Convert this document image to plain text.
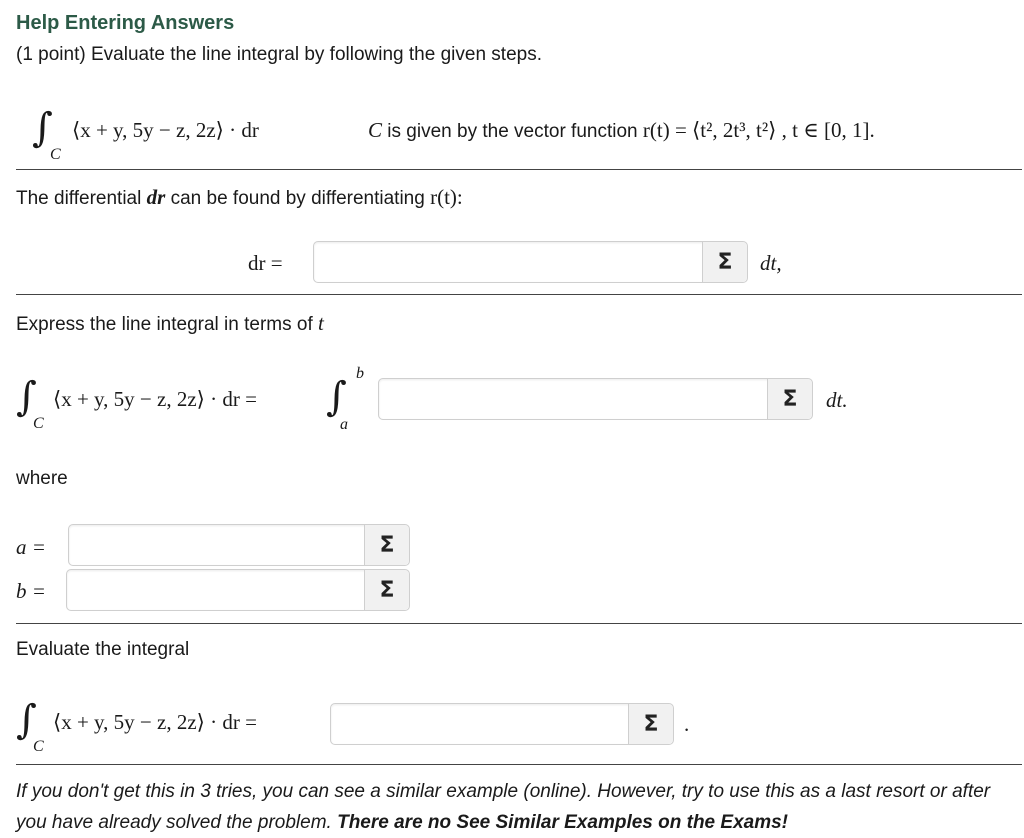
Help Entering Answers
(1 point) Evaluate the line integral by following the given steps.
∫
C
⟨x + y, 5y − z, 2z⟩ · dr	C is given by the vector function r(t) = ⟨t², 2t³, t²⟩ , t ∈ [0, 1].
The differential dr can be found by differentiating r(t):
dr =	Σ	dt,
Express the line integral in terms of t
∫
C
⟨x + y, 5y − z, 2z⟩ · dr = ∫
b
a
Σ	dt.
where
a =	Σ
b =	Σ
Evaluate the integral
∫
C
⟨x + y, 5y − z, 2z⟩ · dr =	Σ	.
If you don't get this in 3 tries, you can see a similar example (online). However, try to use this as a last resort or after you have already solved the problem. There are no See Similar Examples on the Exams!
